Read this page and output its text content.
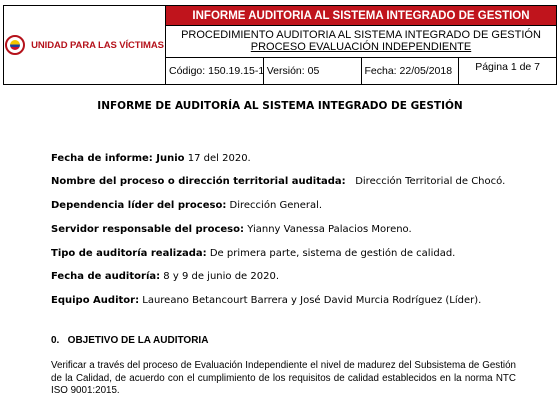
UNIDAD PARA LAS VÍCTIMAS	INFORME AUDITORIA AL SISTEMA INTEGRADO DE GESTION			

	PROCEDIMIENTO AUDITORIA AL SISTEMA INTEGRADO DE GESTIÓN
PROCESO EVALUACIÓN INDEPENDIENTE			

	Código: 150.19.15-1	Versión: 05	Fecha: 22/05/2018	Página 1 de 7
INFORME DE AUDITORÍA AL SISTEMA INTEGRADO DE GESTIÓN
Fecha de informe: Junio 17 del 2020.
Nombre del proceso o dirección territorial auditada:   Dirección Territorial de Chocó.
Dependencia líder del proceso: Dirección General.
Servidor responsable del proceso: Yianny Vanessa Palacios Moreno.
Tipo de auditoría realizada: De primera parte, sistema de gestión de calidad.
Fecha de auditoría: 8 y 9 de junio de 2020.
Equipo Auditor: Laureano Betancourt Barrera y José David Murcia Rodríguez (Líder).
0.   OBJETIVO DE LA AUDITORIA
Verificar a través del proceso de Evaluación Independiente el nivel de madurez del Subsistema de Gestión de la Calidad, de acuerdo con el cumplimiento de los requisitos de calidad establecidos en la norma NTC ISO 9001:2015.
